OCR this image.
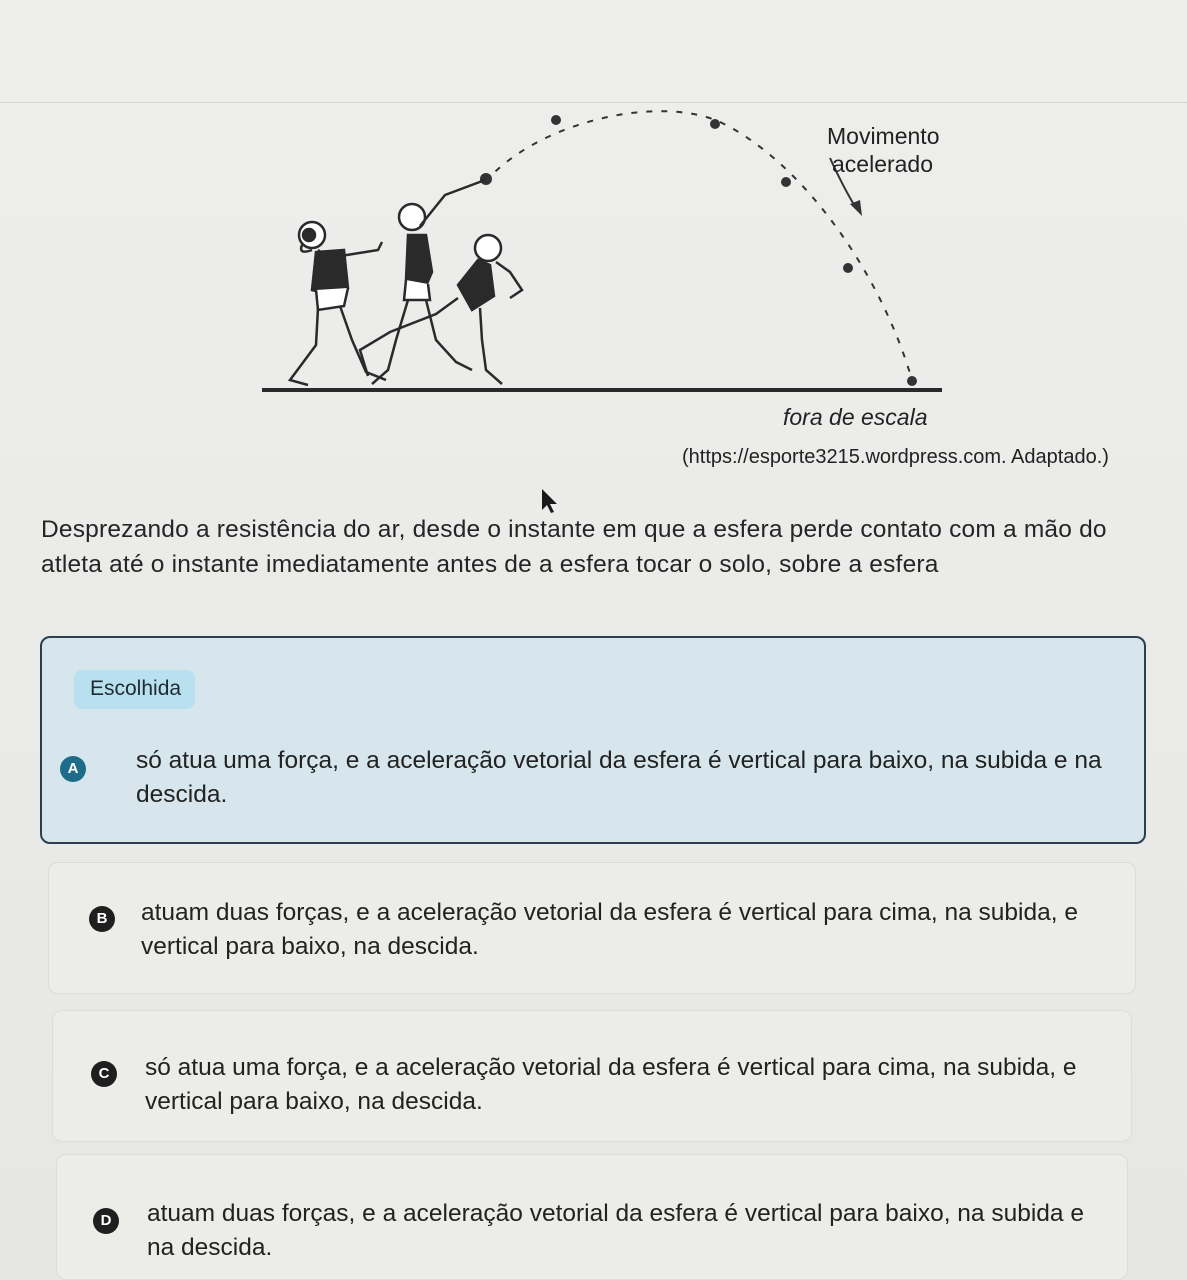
Movimento
acelerado
fora de escala
(https://esporte3215.wordpress.com. Adaptado.)
Desprezando a resistência do ar, desde o instante em que a esfera perde contato com a mão do atleta até o instante imediatamente antes de a esfera tocar o solo, sobre a esfera
Escolhida
A	só atua uma força, e a aceleração vetorial da esfera é vertical para baixo, na subida e na descida.
B	atuam duas forças, e a aceleração vetorial da esfera é vertical para cima, na subida, e vertical para baixo, na descida.
C	só atua uma força, e a aceleração vetorial da esfera é vertical para cima, na subida, e vertical para baixo, na descida.
D	atuam duas forças, e a aceleração vetorial da esfera é vertical para baixo, na subida e na descida.
